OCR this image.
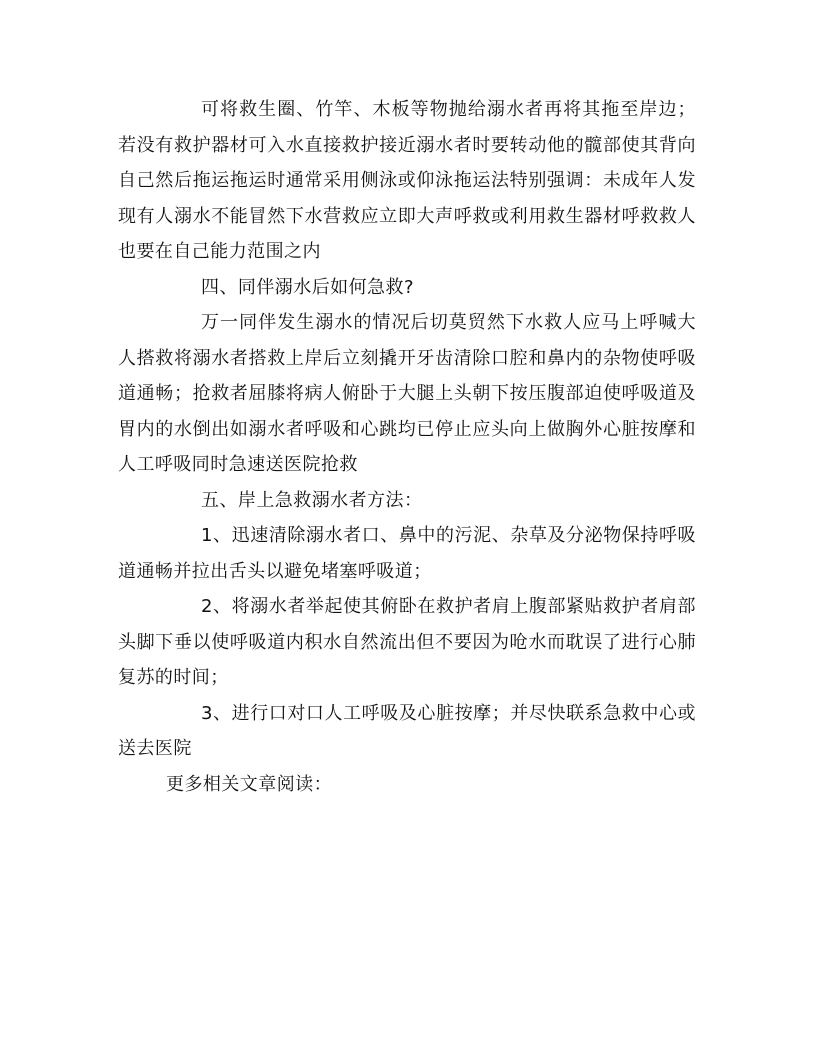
可将救生圈、竹竿、木板等物抛给溺水者再将其拖至岸边；若没有救护器材可入水直接救护接近溺水者时要转动他的髋部使其背向自己然后拖运拖运时通常采用侧泳或仰泳拖运法特别强调：未成年人发现有人溺水不能冒然下水营救应立即大声呼救或利用救生器材呼救救人也要在自己能力范围之内

四、同伴溺水后如何急救?

万一同伴发生溺水的情况后切莫贸然下水救人应马上呼喊大人搭救将溺水者搭救上岸后立刻撬开牙齿清除口腔和鼻内的杂物使呼吸道通畅；抢救者屈膝将病人俯卧于大腿上头朝下按压腹部迫使呼吸道及胃内的水倒出如溺水者呼吸和心跳均已停止应头向上做胸外心脏按摩和人工呼吸同时急速送医院抢救

五、岸上急救溺水者方法：

1、迅速清除溺水者口、鼻中的污泥、杂草及分泌物保持呼吸道通畅并拉出舌头以避免堵塞呼吸道；

2、将溺水者举起使其俯卧在救护者肩上腹部紧贴救护者肩部头脚下垂以使呼吸道内积水自然流出但不要因为呛水而耽误了进行心肺复苏的时间；

3、进行口对口人工呼吸及心脏按摩；并尽快联系急救中心或送去医院

更多相关文章阅读：
